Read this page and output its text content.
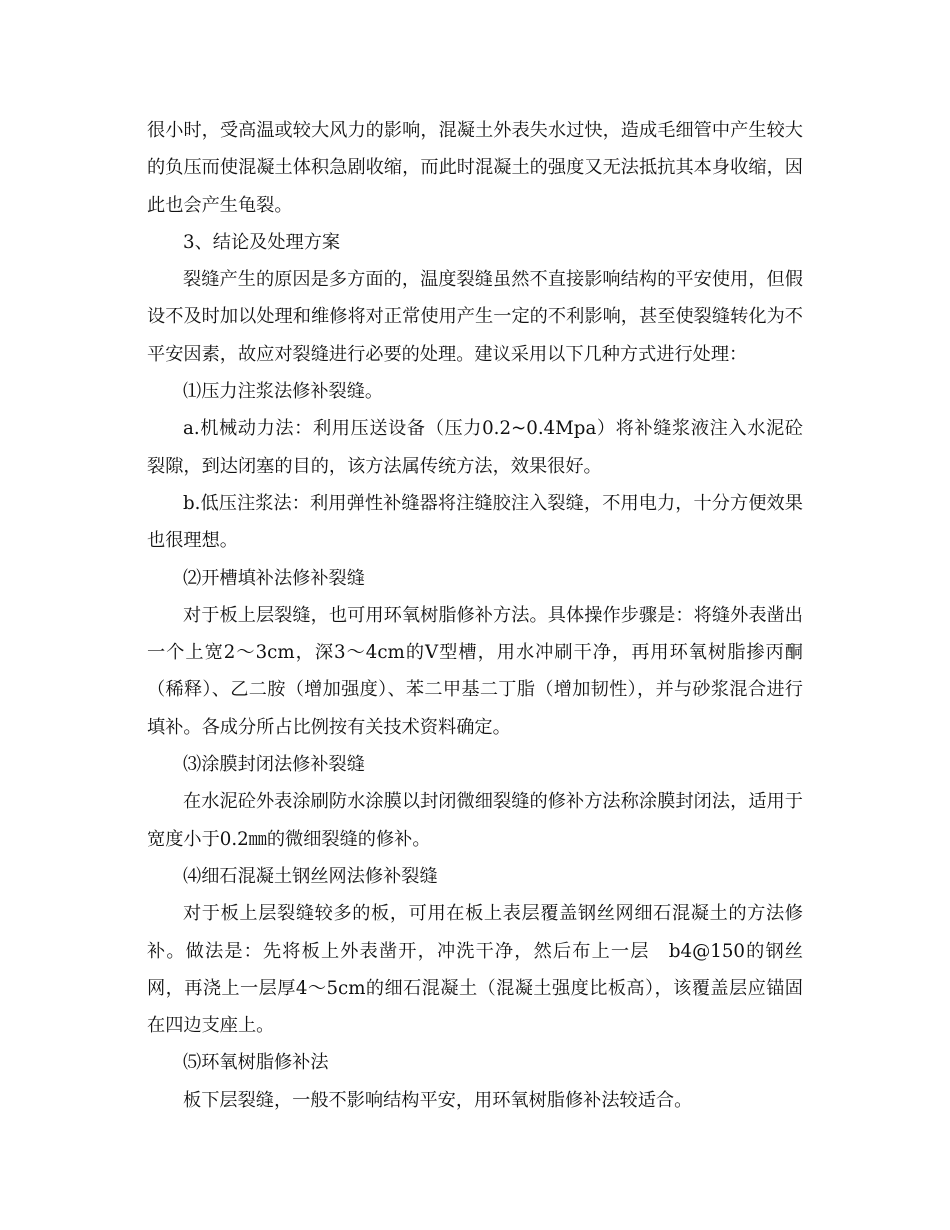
很小时，受高温或较大风力的影响，混凝土外表失水过快，造成毛细管中产生较大的负压而使混凝土体积急剧收缩，而此时混凝土的强度又无法抵抗其本身收缩，因此也会产生龟裂。

3、结论及处理方案

裂缝产生的原因是多方面的，温度裂缝虽然不直接影响结构的平安使用，但假设不及时加以处理和维修将对正常使用产生一定的不利影响，甚至使裂缝转化为不平安因素，故应对裂缝进行必要的处理。建议采用以下几种方式进行处理：

⑴压力注浆法修补裂缝。

a.机械动力法：利用压送设备（压力0.2~0.4Mpa）将补缝浆液注入水泥砼裂隙，到达闭塞的目的，该方法属传统方法，效果很好。

b.低压注浆法：利用弹性补缝器将注缝胶注入裂缝，不用电力，十分方便效果也很理想。

⑵开槽填补法修补裂缝

对于板上层裂缝，也可用环氧树脂修补方法。具体操作步骤是：将缝外表凿出一个上宽2～3cm，深3～4cm的V型槽，用水冲刷干净，再用环氧树脂掺丙酮（稀释）、乙二胺（增加强度）、苯二甲基二丁脂（增加韧性），并与砂浆混合进行填补。各成分所占比例按有关技术资料确定。

⑶涂膜封闭法修补裂缝

在水泥砼外表涂刷防水涂膜以封闭微细裂缝的修补方法称涂膜封闭法，适用于宽度小于0.2㎜的微细裂缝的修补。

⑷细石混凝土钢丝网法修补裂缝

对于板上层裂缝较多的板，可用在板上表层覆盖钢丝网细石混凝土的方法修补。做法是：先将板上外表凿开，冲洗干净，然后布上一层　b4@150的钢丝网，再浇上一层厚4～5cm的细石混凝土（混凝土强度比板高），该覆盖层应锚固在四边支座上。

⑸环氧树脂修补法

板下层裂缝，一般不影响结构平安，用环氧树脂修补法较适合。
